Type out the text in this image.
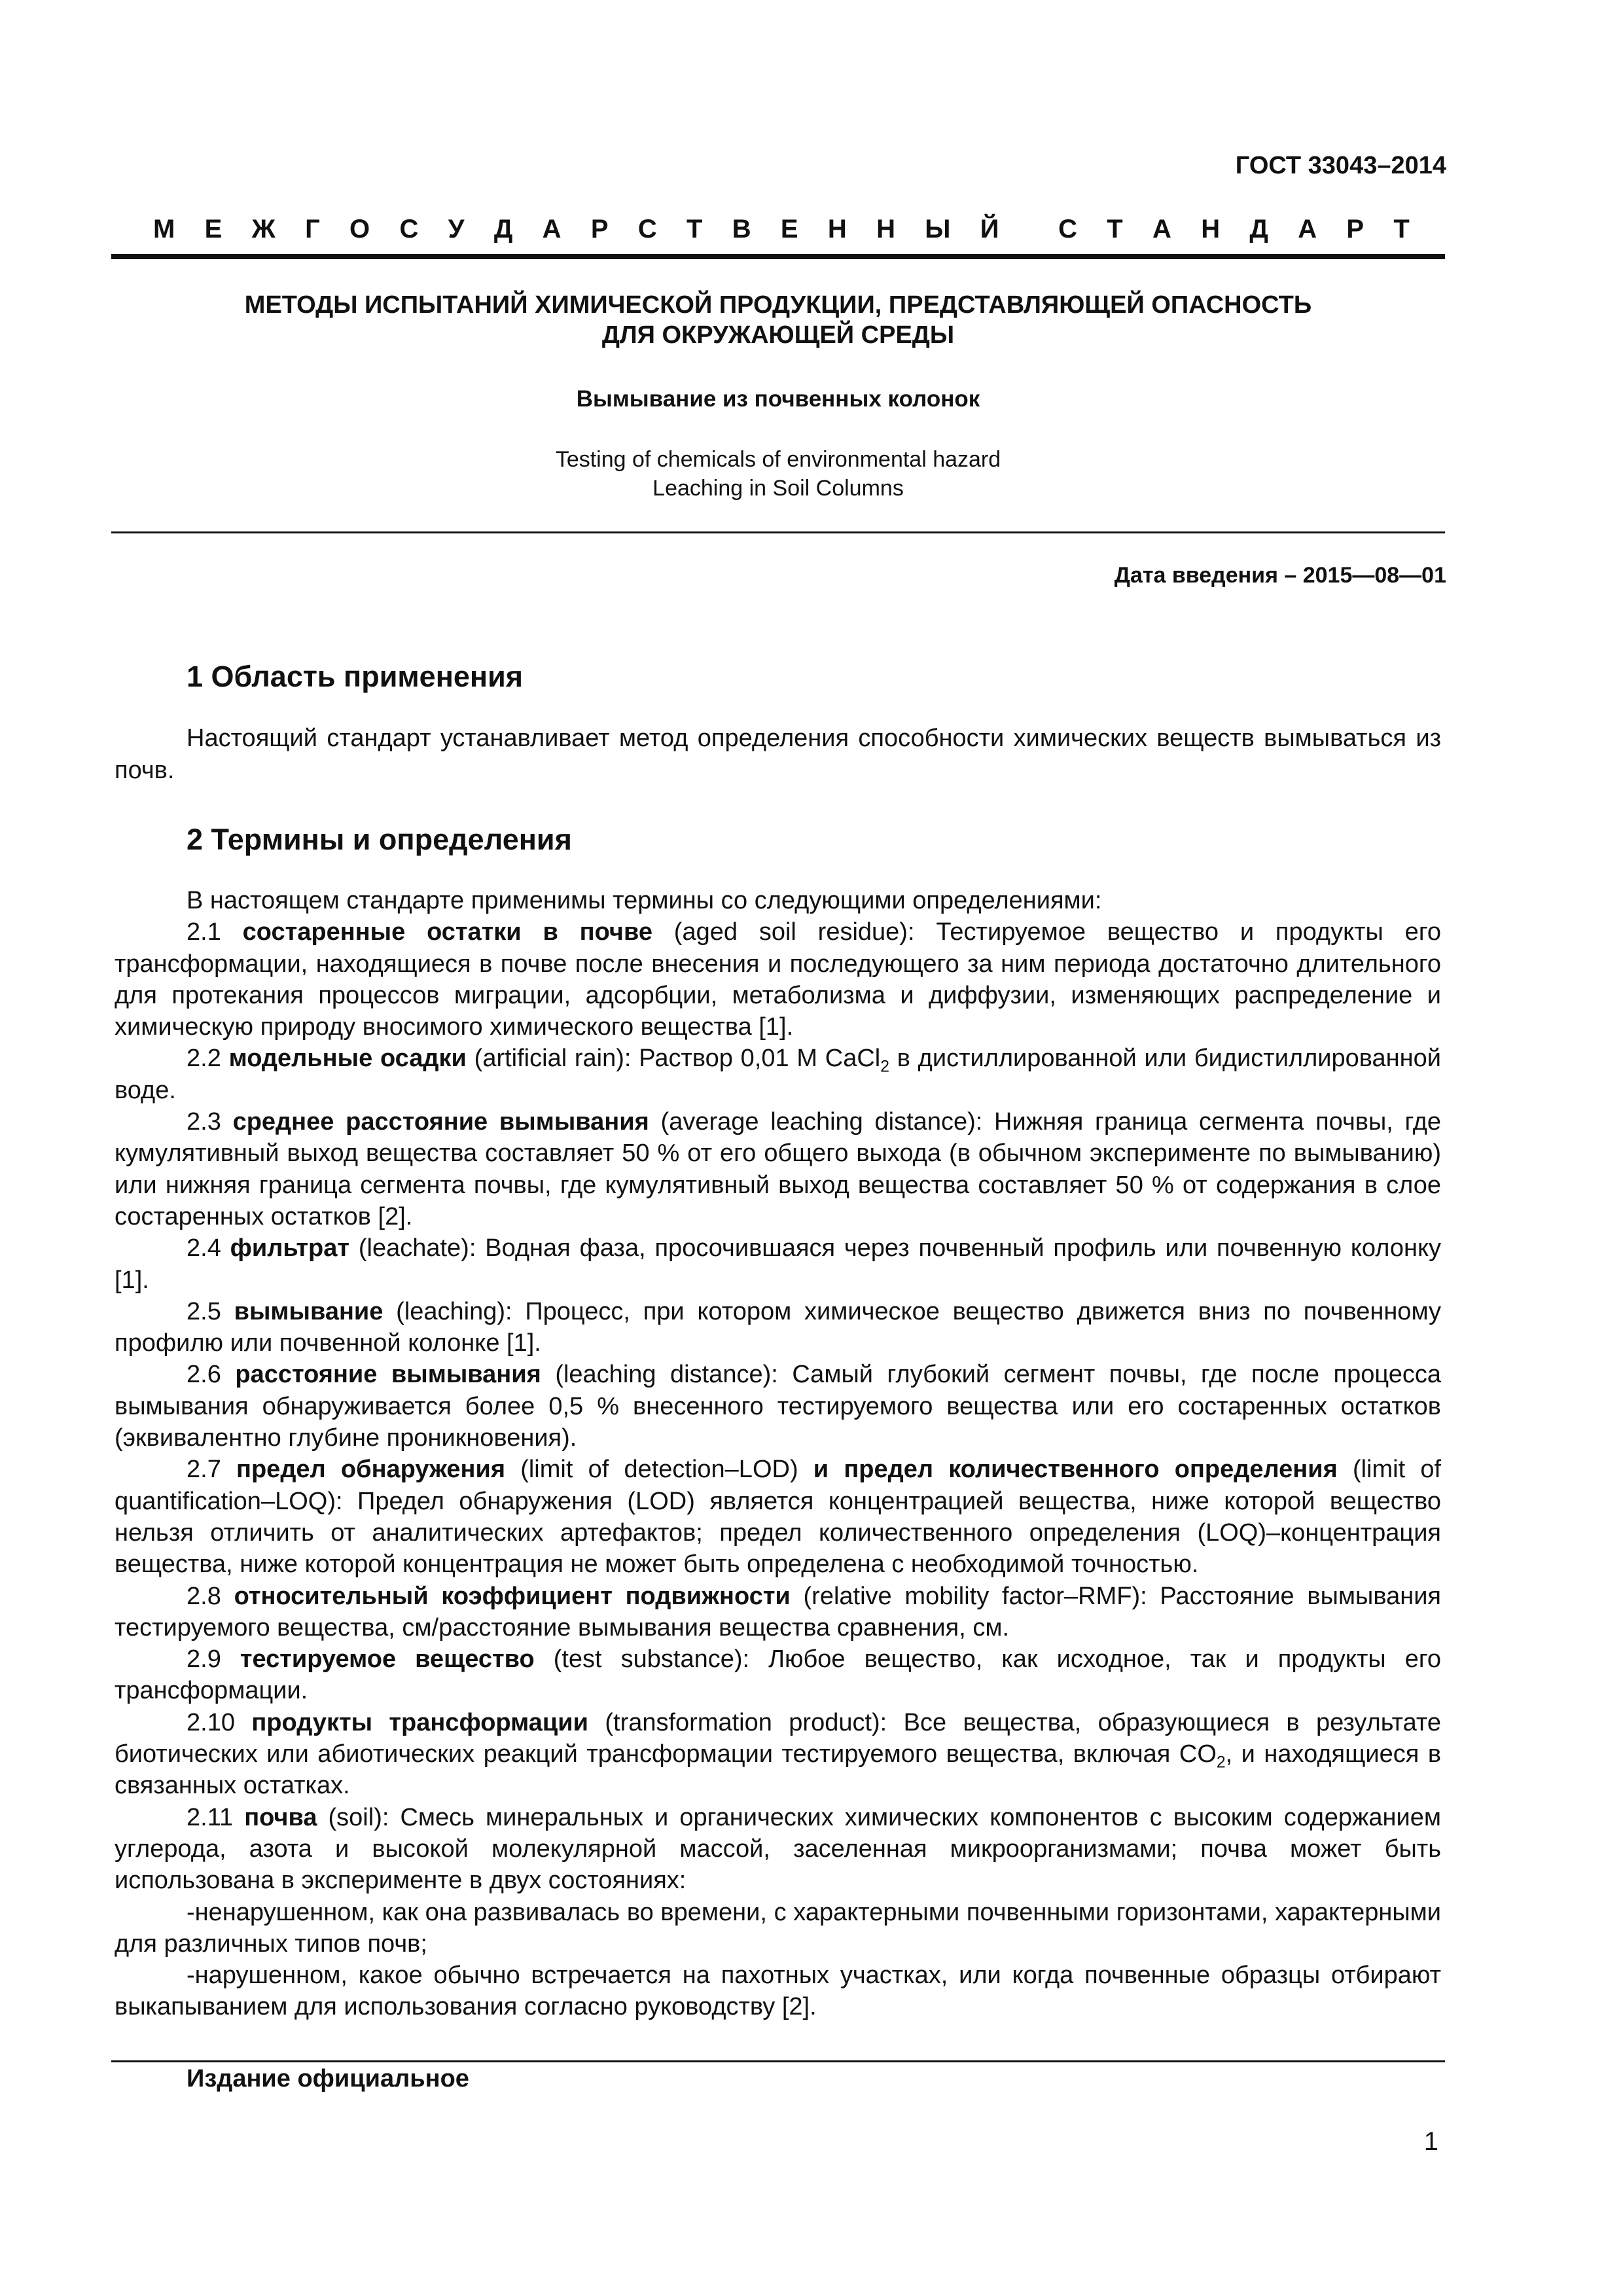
ГОСТ 33043–2014
М Е Ж Г О С У Д А Р С Т В Е Н Н Ы Й С Т А Н Д А Р Т
МЕТОДЫ ИСПЫТАНИЙ ХИМИЧЕСКОЙ ПРОДУКЦИИ, ПРЕДСТАВЛЯЮЩЕЙ ОПАСНОСТЬ
ДЛЯ ОКРУЖАЮЩЕЙ СРЕДЫ
Вымывание из почвенных колонок
Testing of chemicals of environmental hazard
Leaching in Soil Columns
Дата введения – 2015—08—01
1 Область применения

Настоящий стандарт устанавливает метод определения способности химических веществ вымываться из почв.

2 Термины и определения

В настоящем стандарте применимы термины со следующими определениями:

2.1 состаренные остатки в почве (aged soil residue): Тестируемое вещество и продукты его трансформации, находящиеся в почве после внесения и последующего за ним периода достаточно длительного для протекания процессов миграции, адсорбции, метаболизма и диффузии, изменяющих распределение и химическую природу вносимого химического вещества [1].

2.2 модельные осадки (artificial rain): Раствор 0,01 М CaCl$_2$ в дистиллированной или бидистиллированной воде.

2.3 среднее расстояние вымывания (average leaching distance): Нижняя граница сегмента почвы, где кумулятивный выход вещества составляет 50 % от его общего выхода (в обычном эксперименте по вымыванию) или нижняя граница сегмента почвы, где кумулятивный выход вещества составляет 50 % от содержания в слое состаренных остатков [2].

2.4 фильтрат (leachate): Водная фаза, просочившаяся через почвенный профиль или почвенную колонку [1].

2.5 вымывание (leaching): Процесс, при котором химическое вещество движется вниз по почвенному профилю или почвенной колонке [1].

2.6 расстояние вымывания (leaching distance): Самый глубокий сегмент почвы, где после процесса вымывания обнаруживается более 0,5 % внесенного тестируемого вещества или его состаренных остатков (эквивалентно глубине проникновения).

2.7 предел обнаружения (limit of detection–LOD) и предел количественного определения (limit of quantification–LOQ): Предел обнаружения (LOD) является концентрацией вещества, ниже которой вещество нельзя отличить от аналитических артефактов; предел количественного определения (LOQ)–концентрация вещества, ниже которой концентрация не может быть определена с необходимой точностью.

2.8 относительный коэффициент подвижности (relative mobility factor–RMF): Расстояние вымывания тестируемого вещества, см/расстояние вымывания вещества сравнения, см.

2.9 тестируемое вещество (test substance): Любое вещество, как исходное, так и продукты его трансформации.

2.10 продукты трансформации (transformation product): Все вещества, образующиеся в результате биотических или абиотических реакций трансформации тестируемого вещества, включая $CO_2$, и находящиеся в связанных остатках.

2.11 почва (soil): Смесь минеральных и органических химических компонентов с высоким содержанием углерода, азота и высокой молекулярной массой, заселенная микроорганизмами; почва может быть использована в эксперименте в двух состояниях:

-ненарушенном, как она развивалась во времени, с характерными почвенными горизонтами, характерными для различных типов почв;

-нарушенном, какое обычно встречается на пахотных участках, или когда почвенные образцы отбирают выкапыванием для использования согласно руководству [2].

Издание официальное
1
